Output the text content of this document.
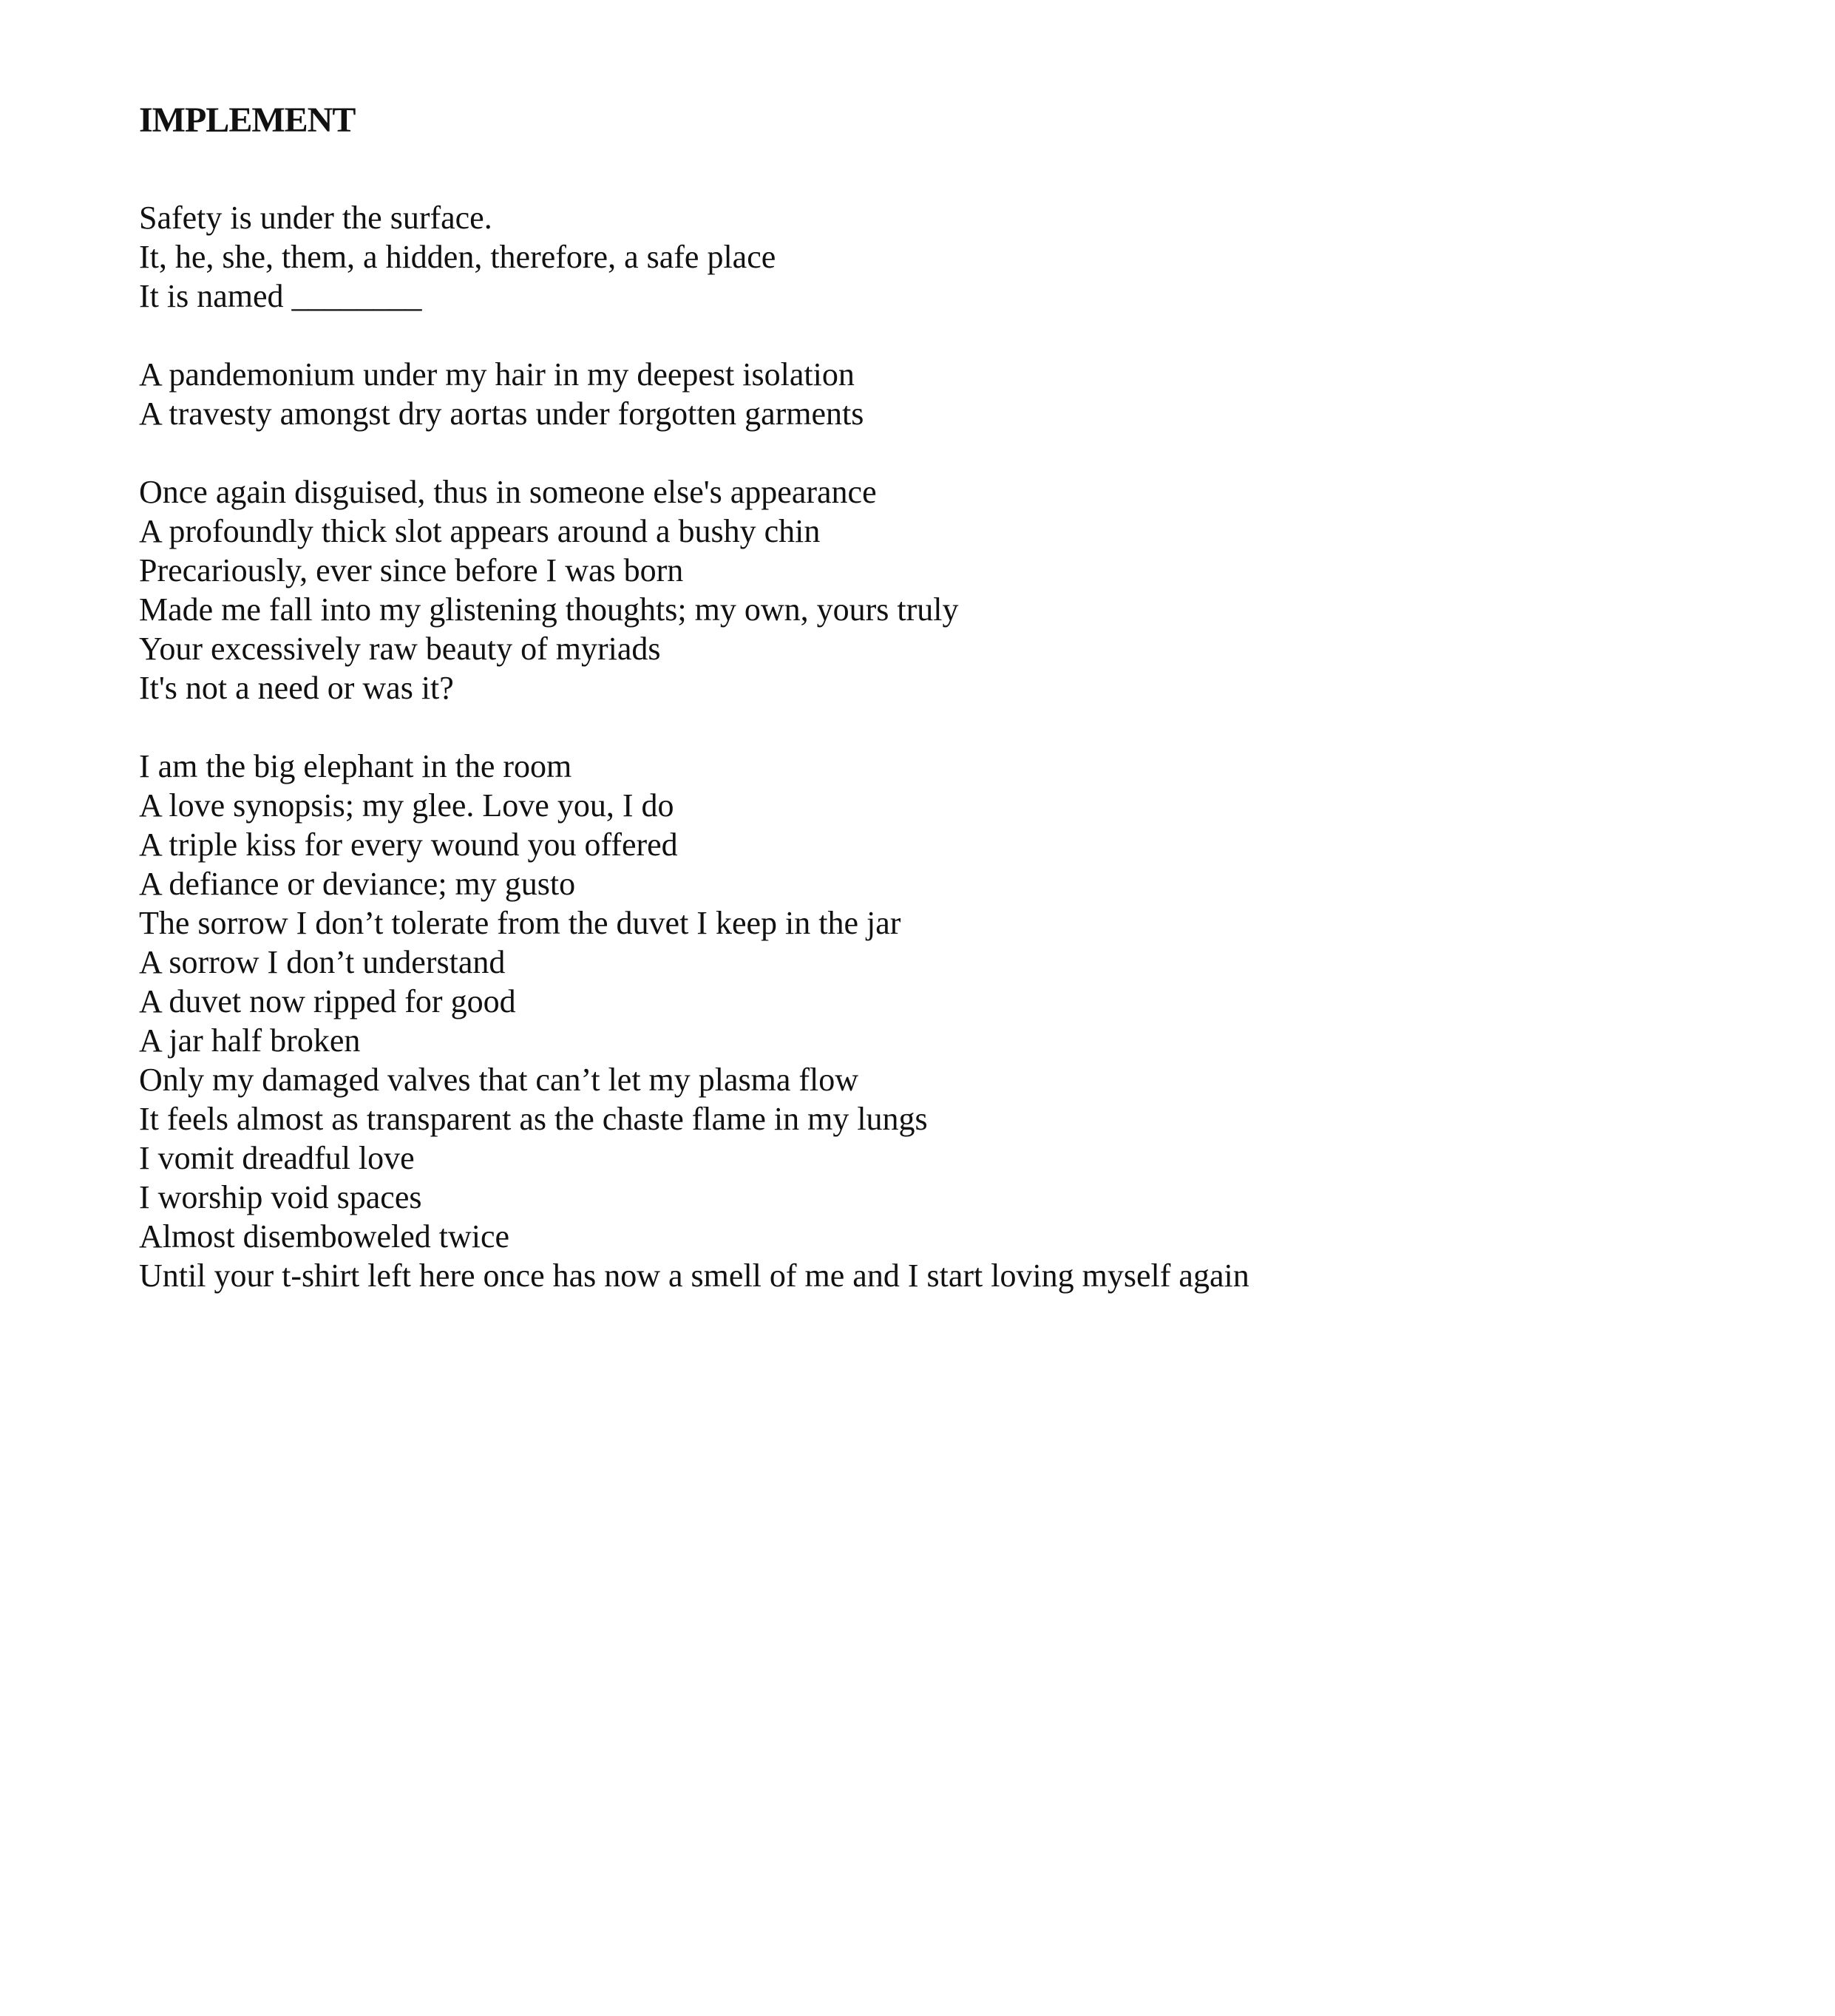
IMPLEMENT
Safety is under the surface.
It, he, she, them, a hidden, therefore, a safe place
It is named ________
A pandemonium under my hair in my deepest isolation
A travesty amongst dry aortas under forgotten garments
Once again disguised, thus in someone else's appearance
A profoundly thick slot appears around a bushy chin
Precariously, ever since before I was born
Made me fall into my glistening thoughts; my own, yours truly
Your excessively raw beauty of myriads
It's not a need or was it?
I am the big elephant in the room
A love synopsis; my glee. Love you, I do
A triple kiss for every wound you offered
A defiance or deviance; my gusto
The sorrow I don’t tolerate from the duvet I keep in the jar
A sorrow I don’t understand
A duvet now ripped for good
A jar half broken
Only my damaged valves that can’t let my plasma flow
It feels almost as transparent as the chaste flame in my lungs
I vomit dreadful love
I worship void spaces
Almost disemboweled twice
Until your t-shirt left here once has now a smell of me and I start loving myself again
